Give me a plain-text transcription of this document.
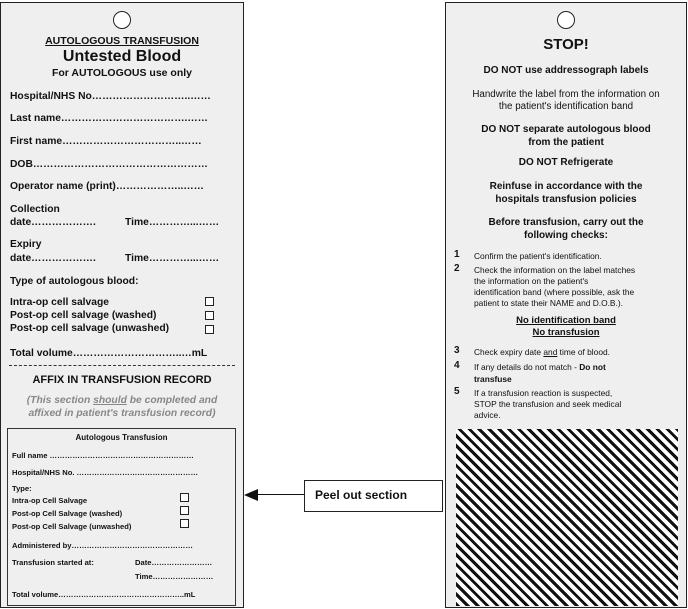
AUTOLOGOUS TRANSFUSION
Untested Blood
For AUTOLOGOUS use only
Hospital/NHS No………………………..……
Last name……………………………….……
First name……………………………..……
DOB……………………………………………
Operator name (print)………………..……
Collection
date……………….	Time…………...……
Expiry
date……………….	Time…………...……
Type of autologous blood:
Intra-op cell salvage
Post-op cell salvage (washed)
Post-op cell salvage (unwashed)
Total volume…………………………..…mL
AFFIX IN TRANSFUSION RECORD
(This section should be completed and
affixed in patient's transfusion record)
Autologous Transfusion
Full name …………………………………………………
Hospital/NHS No. …………………………………………
Type:
Intra-op Cell Salvage
Post-op Cell Salvage (washed)
Post-op Cell Salvage (unwashed)
Administered by…………………………………………
Transfusion started at:	Date……………………
Time……………………
Total volume…………………………………………..mL
Peel out section
STOP!
DO NOT use addressograph labels
Handwrite the label from the information on
the patient's identification band
DO NOT separate autologous blood
from the patient
DO NOT Refrigerate
Reinfuse in accordance with the
hospitals transfusion policies
Before transfusion, carry out the
following checks:
1 Confirm the patient's identification.
2 Check the information on the label matches
the information on the patient's
identification band (where possible, ask the
patient to state their NAME and D.O.B.).
No identification band
No transfusion
3 Check expiry date and time of blood.
4 If any details do not match - Do not
transfuse
5 If a transfusion reaction is suspected,
STOP the transfusion and seek medical
advice.
